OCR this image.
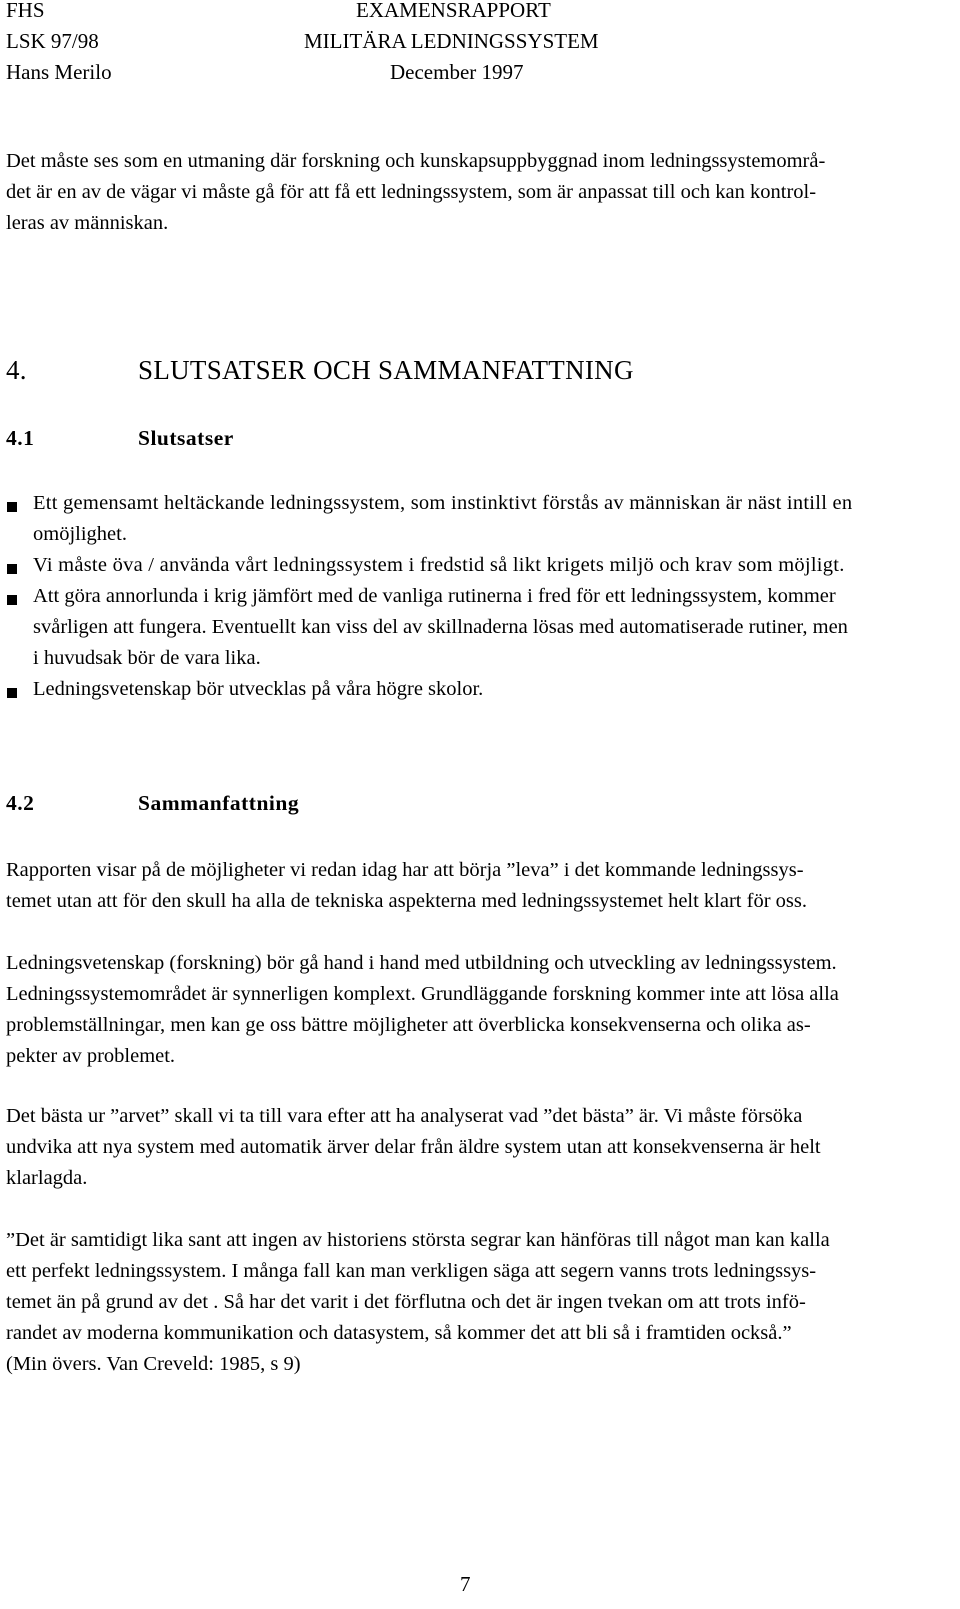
FHS
LSK 97/98
Hans Merilo
EXAMENSRAPPORT
MILITÄRA LEDNINGSSYSTEM
December 1997
Det måste ses som en utmaning där forskning och kunskapsuppbyggnad inom ledningssystemområ-
det är en av de vägar vi måste gå för att få ett ledningssystem, som är anpassat till och kan kontrol-
leras av människan.
4.	SLUTSATSER OCH SAMMANFATTNING
4.1	Slutsatser
Ett gemensamt heltäckande ledningssystem, som instinktivt förstås av människan är näst intill en
omöjlighet.
Vi måste öva / använda vårt ledningssystem i fredstid så likt krigets miljö och krav som möjligt.
Att göra annorlunda i krig jämfört med de vanliga rutinerna i fred för ett ledningssystem, kommer
svårligen att fungera. Eventuellt kan viss del av skillnaderna lösas med automatiserade rutiner, men
i huvudsak bör de vara lika.
Ledningsvetenskap bör utvecklas på våra högre skolor.
4.2	Sammanfattning
Rapporten visar på de möjligheter vi redan idag har att börja ”leva” i det kommande ledningssys-
temet utan att för den skull ha alla de tekniska aspekterna med ledningssystemet helt klart för oss.
Ledningsvetenskap (forskning) bör gå hand i hand med utbildning och utveckling av ledningssystem.
Ledningssystemområdet är synnerligen komplext. Grundläggande forskning kommer inte att lösa alla
problemställningar, men kan ge oss bättre möjligheter att överblicka konsekvenserna och olika as-
pekter av problemet.
Det bästa ur ”arvet” skall vi ta till vara efter att ha analyserat vad ”det bästa” är. Vi måste försöka
undvika att nya system med automatik ärver delar från äldre system utan att konsekvenserna är helt
klarlagda.
”Det är samtidigt lika sant att ingen av historiens största segrar kan hänföras till något man kan kalla
ett perfekt ledningssystem. I många fall kan man verkligen säga att segern vanns trots ledningssys-
temet än på grund av det . Så har det varit i det förflutna och det är ingen tvekan om att trots infö-
randet av moderna kommunikation och datasystem, så kommer det att bli så i framtiden också.”
(Min övers. Van Creveld: 1985, s 9)
7
